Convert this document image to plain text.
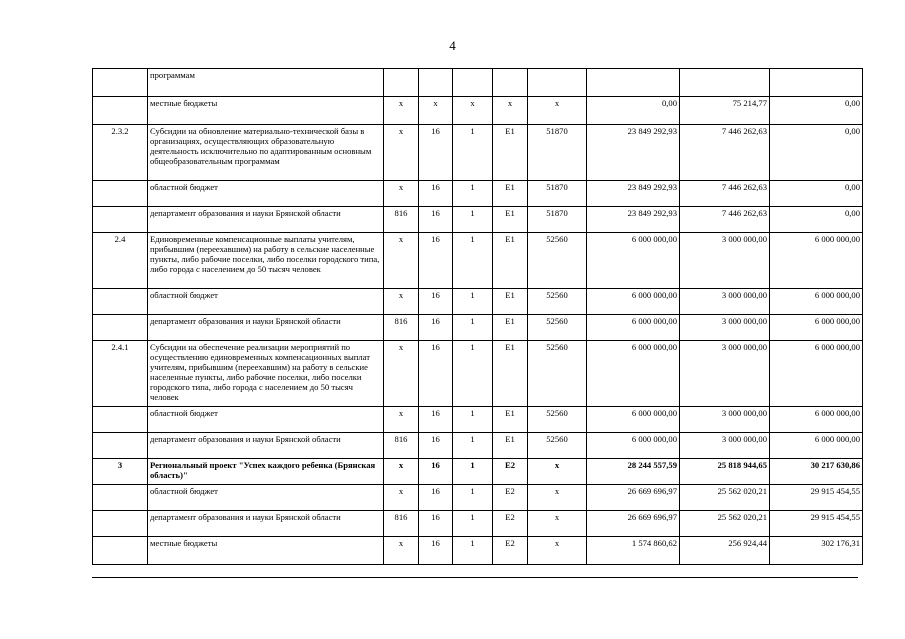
4
	программам								
	местные бюджеты	х	х	х	х	х	0,00	75 214,77	0,00
2.3.2	Субсидии на обновление материально-технической базы в организациях, осуществляющих образовательную деятельность исключительно по адаптированным основным общеобразовательным программам	х	16	1	Е1	51870	23 849 292,93	7 446 262,63	0,00
	областной бюджет	х	16	1	Е1	51870	23 849 292,93	7 446 262,63	0,00
	департамент образования и науки Брянской области	816	16	1	Е1	51870	23 849 292,93	7 446 262,63	0,00
2.4	Единовременные компенсационные выплаты учителям, прибывшим (переехавшим) на работу в сельские населенные пункты, либо рабочие поселки, либо поселки городского типа, либо города с населением до 50 тысяч человек	х	16	1	Е1	52560	6 000 000,00	3 000 000,00	6 000 000,00
	областной бюджет	х	16	1	Е1	52560	6 000 000,00	3 000 000,00	6 000 000,00
	департамент образования и науки Брянской области	816	16	1	Е1	52560	6 000 000,00	3 000 000,00	6 000 000,00
2.4.1	Субсидии на обеспечение реализации мероприятий по осуществлению единовременных компенсационных выплат учителям, прибывшим (переехавшим) на работу в сельские населенные пункты, либо рабочие поселки, либо поселки городского типа, либо города с населением до 50 тысяч человек	х	16	1	Е1	52560	6 000 000,00	3 000 000,00	6 000 000,00
	областной бюджет	х	16	1	Е1	52560	6 000 000,00	3 000 000,00	6 000 000,00
	департамент образования и науки Брянской области	816	16	1	Е1	52560	6 000 000,00	3 000 000,00	6 000 000,00
3	Региональный проект "Успех каждого ребенка (Брянская область)"	х	16	1	Е2	х	28 244 557,59	25 818 944,65	30 217 630,86
	областной бюджет	х	16	1	Е2	х	26 669 696,97	25 562 020,21	29 915 454,55
	департамент образования и науки Брянской области	816	16	1	Е2	х	26 669 696,97	25 562 020,21	29 915 454,55
	местные бюджеты	х	16	1	Е2	х	1 574 860,62	256 924,44	302 176,31
